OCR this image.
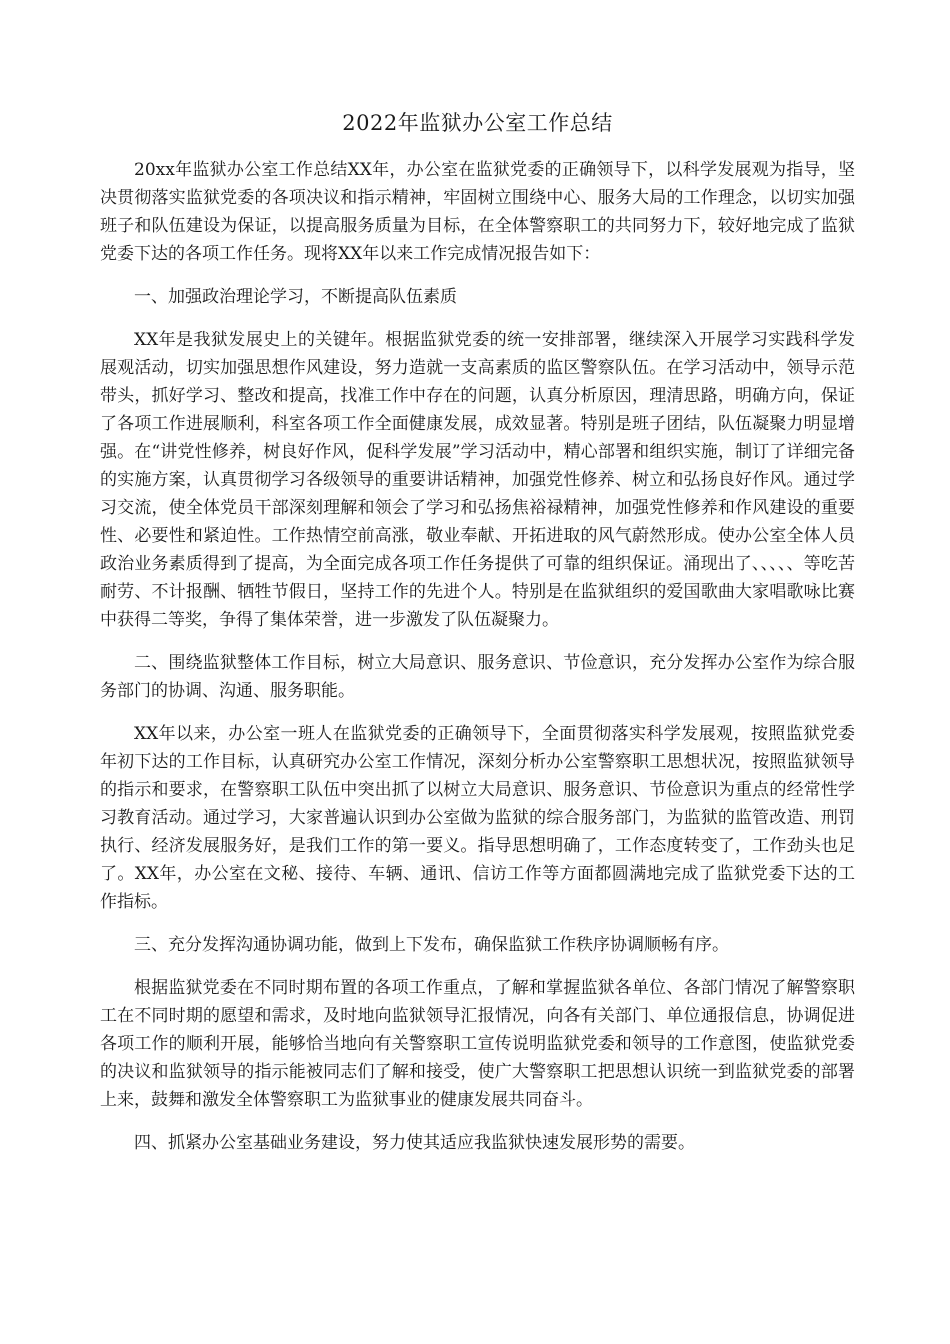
2022年监狱办公室工作总结

20xx年监狱办公室工作总结XX年，办公室在监狱党委的正确领导下，以科学发展观为指导，坚决贯彻落实监狱党委的各项决议和指示精神，牢固树立围绕中心、服务大局的工作理念，以切实加强班子和队伍建设为保证，以提高服务质量为目标，在全体警察职工的共同努力下，较好地完成了监狱党委下达的各项工作任务。现将XX年以来工作完成情况报告如下：

一、加强政治理论学习，不断提高队伍素质

XX年是我狱发展史上的关键年。根据监狱党委的统一安排部署，继续深入开展学习实践科学发展观活动，切实加强思想作风建设，努力造就一支高素质的监区警察队伍。在学习活动中，领导示范带头，抓好学习、整改和提高，找准工作中存在的问题，认真分析原因，理清思路，明确方向，保证了各项工作进展顺利，科室各项工作全面健康发展，成效显著。特别是班子团结，队伍凝聚力明显增强。在“讲党性修养，树良好作风，促科学发展”学习活动中，精心部署和组织实施，制订了详细完备的实施方案，认真贯彻学习各级领导的重要讲话精神，加强党性修养、树立和弘扬良好作风。通过学习交流，使全体党员干部深刻理解和领会了学习和弘扬焦裕禄精神，加强党性修养和作风建设的重要性、必要性和紧迫性。工作热情空前高涨，敬业奉献、开拓进取的风气蔚然形成。使办公室全体人员政治业务素质得到了提高，为全面完成各项工作任务提供了可靠的组织保证。涌现出了、、、、、等吃苦耐劳、不计报酬、牺牲节假日，坚持工作的先进个人。特别是在监狱组织的爱国歌曲大家唱歌咏比赛中获得二等奖，争得了集体荣誉，进一步激发了队伍凝聚力。

二、围绕监狱整体工作目标，树立大局意识、服务意识、节俭意识，充分发挥办公室作为综合服务部门的协调、沟通、服务职能。

XX年以来，办公室一班人在监狱党委的正确领导下，全面贯彻落实科学发展观，按照监狱党委年初下达的工作目标，认真研究办公室工作情况，深刻分析办公室警察职工思想状况，按照监狱领导的指示和要求，在警察职工队伍中突出抓了以树立大局意识、服务意识、节俭意识为重点的经常性学习教育活动。通过学习，大家普遍认识到办公室做为监狱的综合服务部门，为监狱的监管改造、刑罚执行、经济发展服务好，是我们工作的第一要义。指导思想明确了，工作态度转变了，工作劲头也足了。XX年，办公室在文秘、接待、车辆、通讯、信访工作等方面都圆满地完成了监狱党委下达的工作指标。

三、充分发挥沟通协调功能，做到上下发布，确保监狱工作秩序协调顺畅有序。

根据监狱党委在不同时期布置的各项工作重点，了解和掌握监狱各单位、各部门情况了解警察职工在不同时期的愿望和需求，及时地向监狱领导汇报情况，向各有关部门、单位通报信息，协调促进各项工作的顺利开展，能够恰当地向有关警察职工宣传说明监狱党委和领导的工作意图，使监狱党委的决议和监狱领导的指示能被同志们了解和接受，使广大警察职工把思想认识统一到监狱党委的部署上来，鼓舞和激发全体警察职工为监狱事业的健康发展共同奋斗。

四、抓紧办公室基础业务建设，努力使其适应我监狱快速发展形势的需要。
